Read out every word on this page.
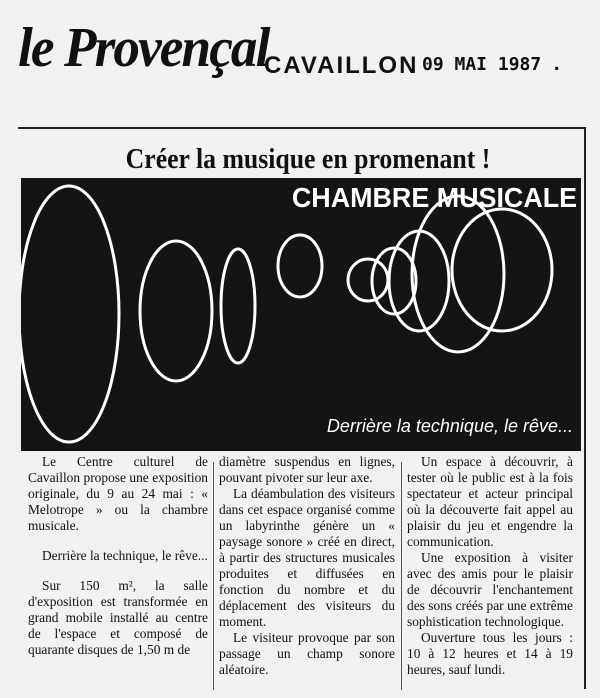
le Provençal
CAVAILLON 09 MAI 1987 .
Créer la musique en promenant !
CHAMBRE MUSICALE
Derrière la technique, le rêve...

Le Centre culturel de Cavaillon propose une exposition originale, du 9 au 24 mai : « Melotrope » ou la chambre musicale.

Derrière la technique, le rêve...

Sur 150 m², la salle d'exposition est transformée en grand mobile installé au centre de l'espace et composé de quarante disques de 1,50 m de

diamètre suspendus en lignes, pouvant pivoter sur leur axe.

La déambulation des visiteurs dans cet espace organisé comme un labyrinthe génère un « paysage sonore » créé en direct, à partir des structures musicales produites et diffusées en fonction du nombre et du déplacement des visiteurs du moment.

Le visiteur provoque par son passage un champ sonore aléatoire.

Un espace à découvrir, à tester où le public est à la fois spectateur et acteur principal où la découverte fait appel au plaisir du jeu et engendre la communication.

Une exposition à visiter avec des amis pour le plaisir de découvrir l'enchantement des sons créés par une extrême sophistication technologique.

Ouverture tous les jours : 10 à 12 heures et 14 à 19 heures, sauf lundi.
